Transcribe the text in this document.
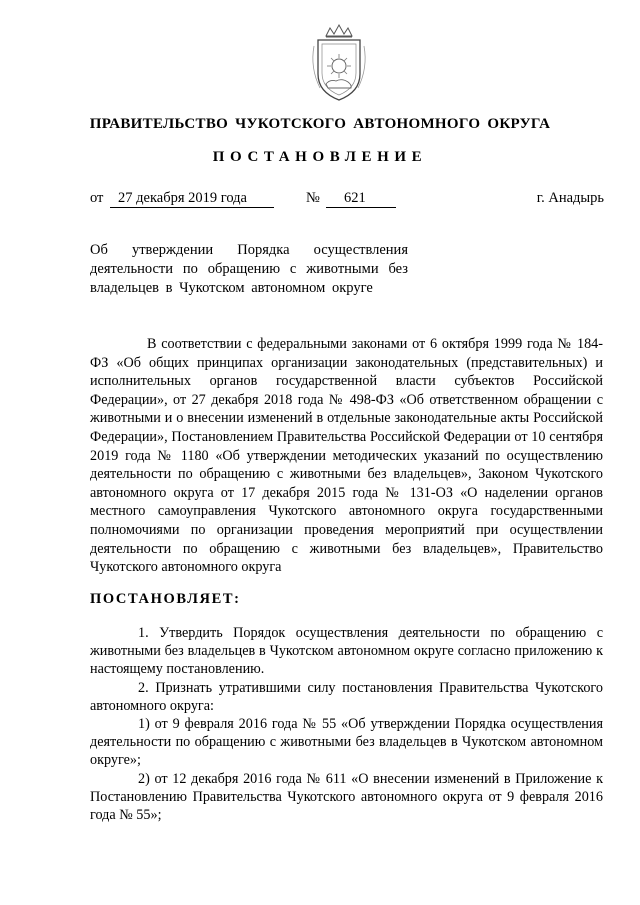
ПРАВИТЕЛЬСТВО ЧУКОТСКОГО АВТОНОМНОГО ОКРУГА
ПОСТАНОВЛЕНИЕ
от	27 декабря 2019 года	№	621	г. Анадырь
Об утверждении Порядка осуществления
деятельности по обращению с животными без
владельцев в Чукотском автономном округе

В соответствии с федеральными законами от 6 октября 1999 года № 184-ФЗ «Об общих принципах организации законодательных (представительных) и исполнительных органов государственной власти субъектов Российской Федерации», от 27 декабря 2018 года № 498-ФЗ «Об ответственном обращении с животными и о внесении изменений в отдельные законодательные акты Российской Федерации», Постановлением Правительства Российской Федерации от 10 сентября 2019 года № 1180 «Об утверждении методических указаний по осуществлению деятельности по обращению с животными без владельцев», Законом Чукотского автономного округа от 17 декабря 2015 года № 131-ОЗ «О наделении органов местного самоуправления Чукотского автономного округа государственными полномочиями по организации проведения мероприятий при осуществлении деятельности по обращению с животными без владельцев», Правительство Чукотского автономного округа

ПОСТАНОВЛЯЕТ:

1. Утвердить Порядок осуществления деятельности по обращению с животными без владельцев в Чукотском автономном округе согласно приложению к настоящему постановлению.

2. Признать утратившими силу постановления Правительства Чукотского автономного округа:

1) от 9 февраля 2016 года № 55 «Об утверждении Порядка осуществления деятельности по обращению с животными без владельцев в Чукотском автономном округе»;

2) от 12 декабря 2016 года № 611 «О внесении изменений в Приложение к Постановлению Правительства Чукотского автономного округа от 9 февраля 2016 года № 55»;
